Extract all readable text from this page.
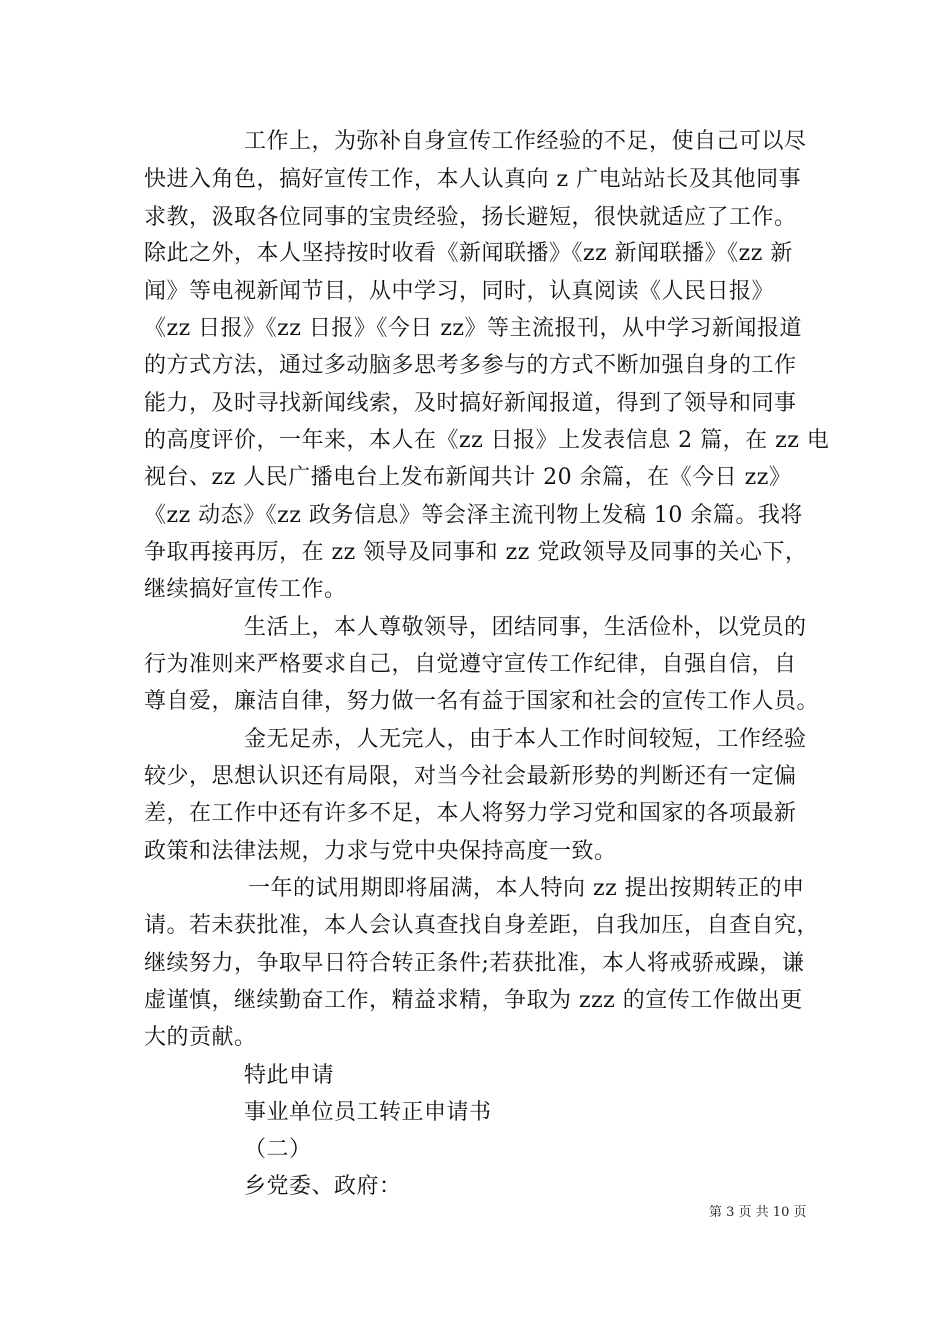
工作上，为弥补自身宣传工作经验的不足，使自己可以尽
快进入角色，搞好宣传工作，本人认真向 z 广电站站长及其他同事
求教，汲取各位同事的宝贵经验，扬长避短，很快就适应了工作。
除此之外，本人坚持按时收看《新闻联播》《zz 新闻联播》《zz 新
闻》等电视新闻节目，从中学习，同时，认真阅读《人民日报》
《zz 日报》《zz 日报》《今日 zz》等主流报刊，从中学习新闻报道
的方式方法，通过多动脑多思考多参与的方式不断加强自身的工作
能力，及时寻找新闻线索，及时搞好新闻报道，得到了领导和同事
的高度评价，一年来，本人在《zz 日报》上发表信息 2 篇，在 zz 电
视台、zz 人民广播电台上发布新闻共计 20 余篇，在《今日 zz》
《zz 动态》《zz 政务信息》等会泽主流刊物上发稿 10 余篇。我将
争取再接再厉，在 zz 领导及同事和 zz 党政领导及同事的关心下，
继续搞好宣传工作。
生活上，本人尊敬领导，团结同事，生活俭朴，以党员的
行为准则来严格要求自己，自觉遵守宣传工作纪律，自强自信，自
尊自爱，廉洁自律，努力做一名有益于国家和社会的宣传工作人员。
金无足赤，人无完人，由于本人工作时间较短，工作经验
较少，思想认识还有局限，对当今社会最新形势的判断还有一定偏
差，在工作中还有许多不足，本人将努力学习党和国家的各项最新
政策和法律法规，力求与党中央保持高度一致。
一年的试用期即将届满，本人特向 zz 提出按期转正的申
请。若未获批准，本人会认真查找自身差距，自我加压，自查自究，
继续努力，争取早日符合转正条件;若获批准，本人将戒骄戒躁，谦
虚谨慎，继续勤奋工作，精益求精，争取为 zzz 的宣传工作做出更
大的贡献。
特此申请
事业单位员工转正申请书
（二）
乡党委、政府：
第 3 页 共 10 页
